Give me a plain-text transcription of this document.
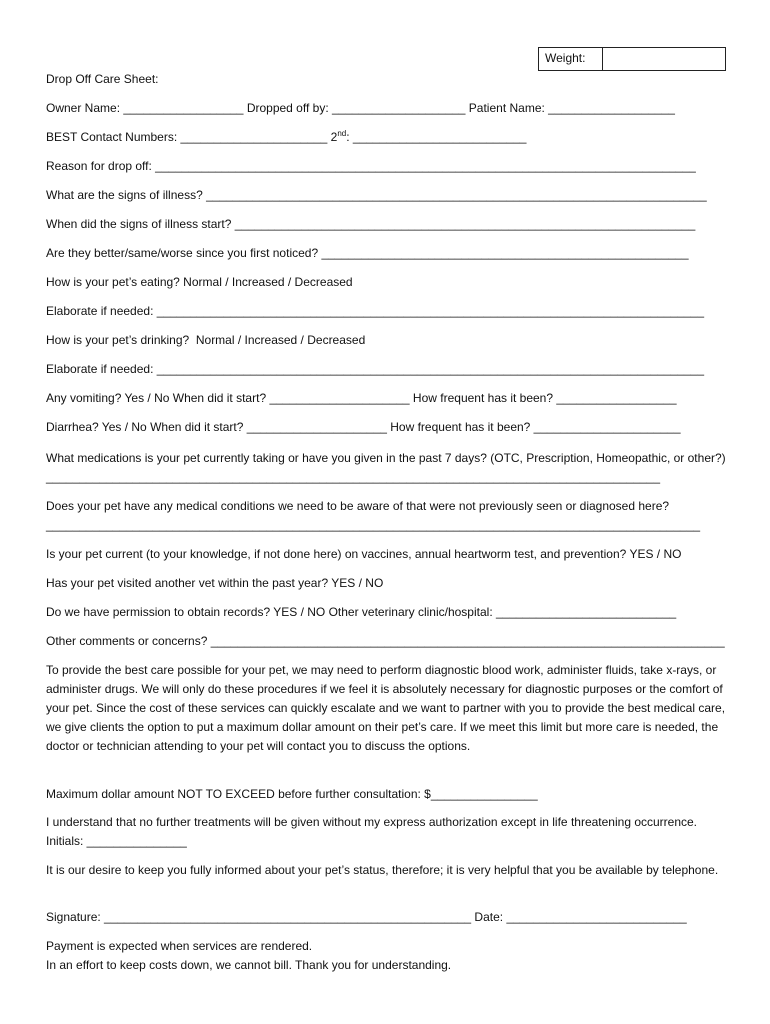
Weight:
Drop Off Care Sheet:
Owner Name: __________________ Dropped off by: ____________________ Patient Name: ___________________
BEST Contact Numbers: ______________________ 2nd: __________________________
Reason for drop off: _________________________________________________________________________________
What are the signs of illness? ___________________________________________________________________________
When did the signs of illness start? _____________________________________________________________________
Are they better/same/worse since you first noticed? _______________________________________________________
How is your pet’s eating? Normal / Increased / Decreased
Elaborate if needed: __________________________________________________________________________________
How is your pet’s drinking?  Normal / Increased / Decreased
Elaborate if needed: __________________________________________________________________________________
Any vomiting? Yes / No When did it start? _____________________ How frequent has it been? __________________
Diarrhea? Yes / No When did it start? _____________________ How frequent has it been? ______________________
What medications is your pet currently taking or have you given in the past 7 days? (OTC, Prescription, Homeopathic, or other?) ____________________________________________________________________________________________
Does your pet have any medical conditions we need to be aware of that were not previously seen or diagnosed here? __________________________________________________________________________________________________
Is your pet current (to your knowledge, if not done here) on vaccines, annual heartworm test, and prevention? YES / NO
Has your pet visited another vet within the past year? YES / NO
Do we have permission to obtain records? YES / NO Other veterinary clinic/hospital: ___________________________
Other comments or concerns? _____________________________________________________________________________
To provide the best care possible for your pet, we may need to perform diagnostic blood work, administer fluids, take x-rays, or administer drugs. We will only do these procedures if we feel it is absolutely necessary for diagnostic purposes or the comfort of your pet. Since the cost of these services can quickly escalate and we want to partner with you to provide the best medical care, we give clients the option to put a maximum dollar amount on their pet’s care. If we meet this limit but more care is needed, the doctor or technician attending to your pet will contact you to discuss the options.
Maximum dollar amount NOT TO EXCEED before further consultation: $________________
I understand that no further treatments will be given without my express authorization except in life threatening occurrence. Initials: _______________
It is our desire to keep you fully informed about your pet’s status, therefore; it is very helpful that you be available by telephone.
Signature: _______________________________________________________ Date: ___________________________
Payment is expected when services are rendered.
In an effort to keep costs down, we cannot bill. Thank you for understanding.
